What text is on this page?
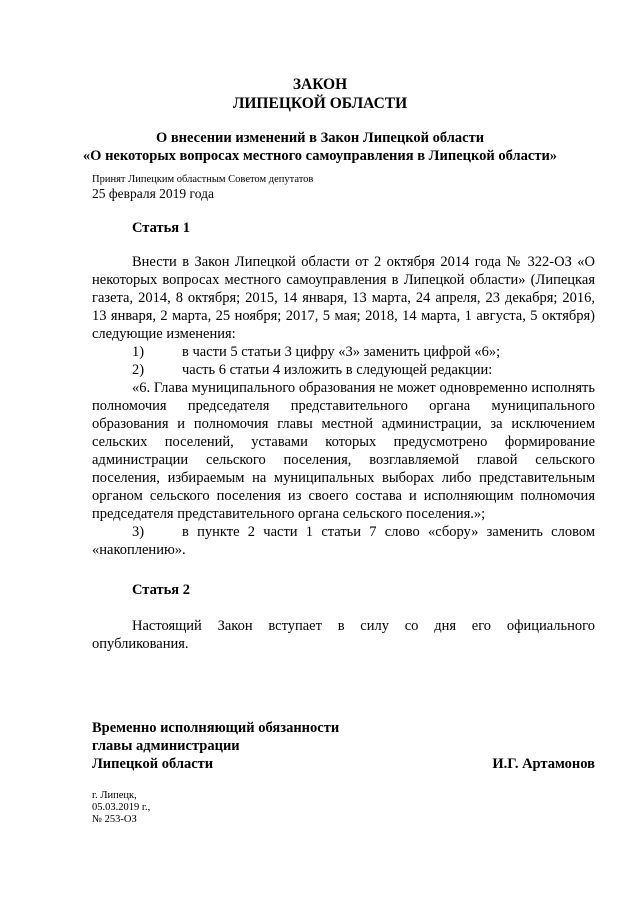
ЗАКОН
ЛИПЕЦКОЙ ОБЛАСТИ
О внесении изменений в Закон Липецкой области
«О некоторых вопросах местного самоуправления в Липецкой области»
Принят Липецким областным Советом депутатов
25 февраля 2019 года
Статья 1

Внести в Закон Липецкой области от 2 октября 2014 года № 322-ОЗ «О некоторых вопросах местного самоуправления в Липецкой области» (Липецкая газета, 2014, 8 октября; 2015, 14 января, 13 марта, 24 апреля, 23 декабря; 2016, 13 января, 2 марта, 25 ноября; 2017, 5 мая; 2018, 14 марта, 1 августа, 5 октября) следующие изменения:

1)	в части 5 статьи 3 цифру «3» заменить цифрой «6»;
2)	часть 6 статьи 4 изложить в следующей редакции:

«6. Глава муниципального образования не может одновременно исполнять полномочия председателя представительного органа муниципального образования и полномочия главы местной администрации, за исключением сельских поселений, уставами которых предусмотрено формирование администрации сельского поселения, возглавляемой главой сельского поселения, избираемым на муниципальных выборах либо представительным органом сельского поселения из своего состава и исполняющим полномочия председателя представительного органа сельского поселения.»;

3)	в пункте 2 части 1 статьи 7 слово «сбору» заменить словом «накоплению».
Статья 2

Настоящий Закон вступает в силу со дня его официального опубликования.

Временно исполняющий обязанности
главы администрации
Липецкой области	И.Г. Артамонов
г. Липецк,
05.03.2019 г.,
№ 253-ОЗ
